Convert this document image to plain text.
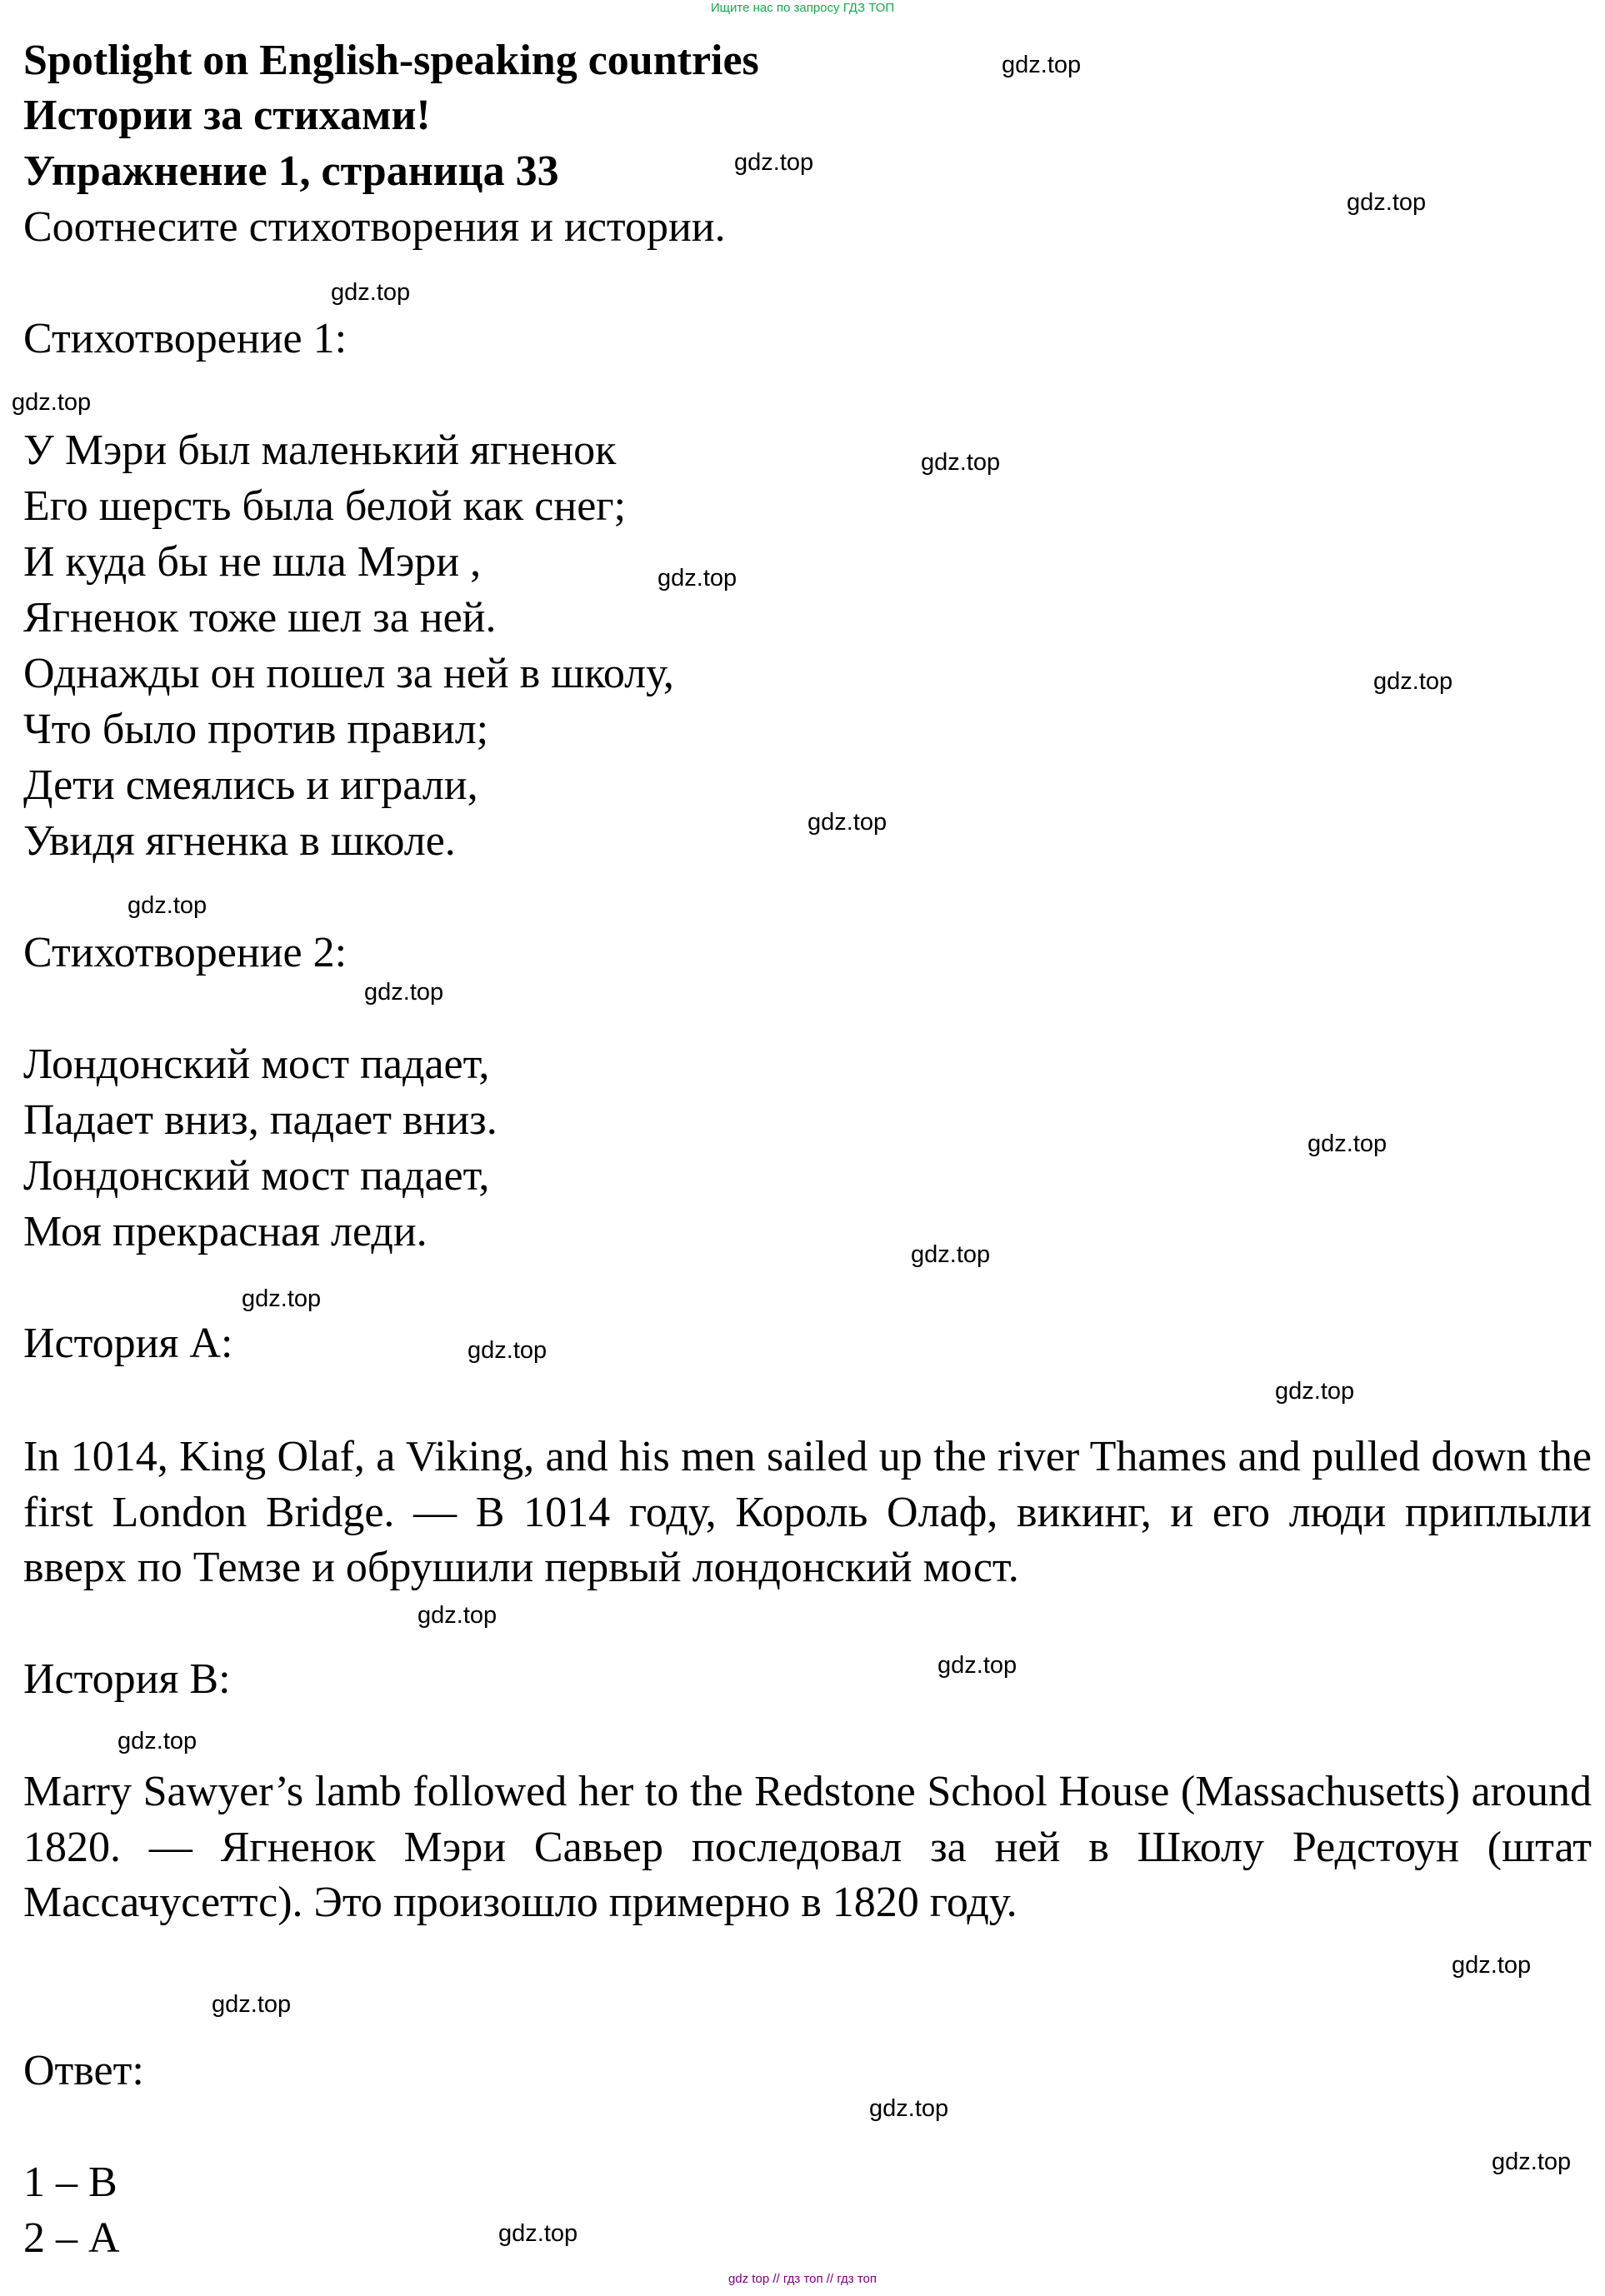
Ищите нас по запросу ГДЗ ТОП
Spotlight on English-speaking countries
Истории за стихами!
Упражнение 1, страница 33
Соотнесите стихотворения и истории.
Стихотворение 1:
У Мэри был маленький ягненок
Его шерсть была белой как снег;
И куда бы не шла Мэри ,
Ягненок тоже шел за ней.
Однажды он пошел за ней в школу,
Что было против правил;
Дети смеялись и играли,
Увидя ягненка в школе.
Стихотворение 2:
Лондонский мост падает,
Падает вниз, падает вниз.
Лондонский мост падает,
Моя прекрасная леди.
История А:
In 1014, King Olaf, a Viking, and his men sailed up the river Thames and pulled down the first London Bridge. — В 1014 году, Король Олаф, викинг, и его люди приплыли вверх по Темзе и обрушили первый лондонский мост.
История В:
Marry Sawyer’s lamb followed her to the Redstone School House (Massachusetts) around 1820. — Ягненок Мэри Савьер последовал за ней в Школу Редстоун (штат Массачусеттс). Это произошло примерно в 1820 году.
Ответ:
1 – В
2 – А
gdz.top
gdz.top
gdz.top
gdz.top
gdz.top
gdz.top
gdz.top
gdz.top
gdz.top
gdz.top
gdz.top
gdz.top
gdz.top
gdz.top
gdz.top
gdz.top
gdz.top
gdz.top
gdz.top
gdz.top
gdz.top
gdz.top
gdz.top
gdz.top
gdz top // гдз топ // гдз топ
